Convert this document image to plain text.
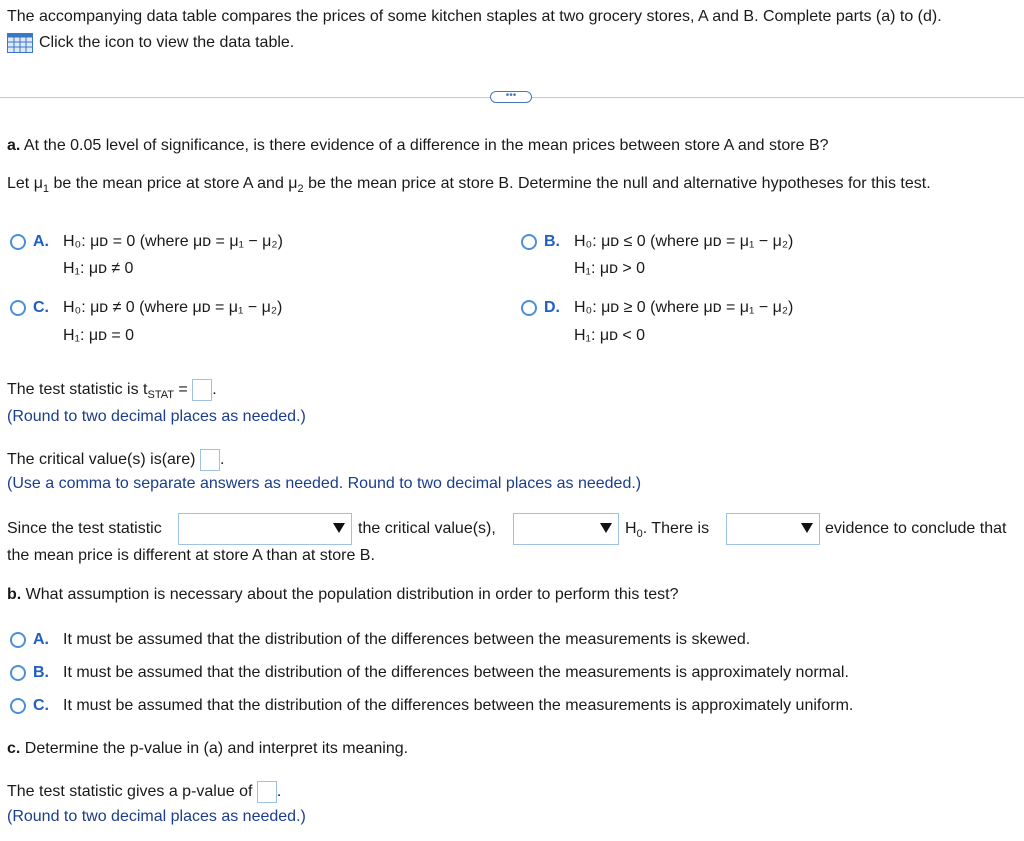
The accompanying data table compares the prices of some kitchen staples at two grocery stores, A and B. Complete parts (a) to (d).
Click the icon to view the data table.
•••
a. At the 0.05 level of significance, is there evidence of a difference in the mean prices between store A and store B?
Let $\mu_1$ be the mean price at store A and $\mu_2$ be the mean price at store B. Determine the null and alternative hypotheses for this test.
A. H₀: μᴅ = 0 (where μᴅ = μ₁ − μ₂)
H₁: μᴅ ≠ 0
B. H₀: μᴅ ≤ 0 (where μᴅ = μ₁ − μ₂)
H₁: μᴅ > 0
C. H₀: μᴅ ≠ 0 (where μᴅ = μ₁ − μ₂)
H₁: μᴅ = 0
D. H₀: μᴅ ≥ 0 (where μᴅ = μ₁ − μ₂)
H₁: μᴅ < 0
The test statistic is $t_{STAT}$ = .
(Round to two decimal places as needed.)
The critical value(s) is(are) .
(Use a comma to separate answers as needed. Round to two decimal places as needed.)
Since the test statistic	the critical value(s),	$H_0$. There is	evidence to conclude that
the mean price is different at store A than at store B.
b. What assumption is necessary about the population distribution in order to perform this test?
A. It must be assumed that the distribution of the differences between the measurements is skewed.
B. It must be assumed that the distribution of the differences between the measurements is approximately normal.
C. It must be assumed that the distribution of the differences between the measurements is approximately uniform.
c. Determine the p-value in (a) and interpret its meaning.
The test statistic gives a p-value of .
(Round to two decimal places as needed.)
